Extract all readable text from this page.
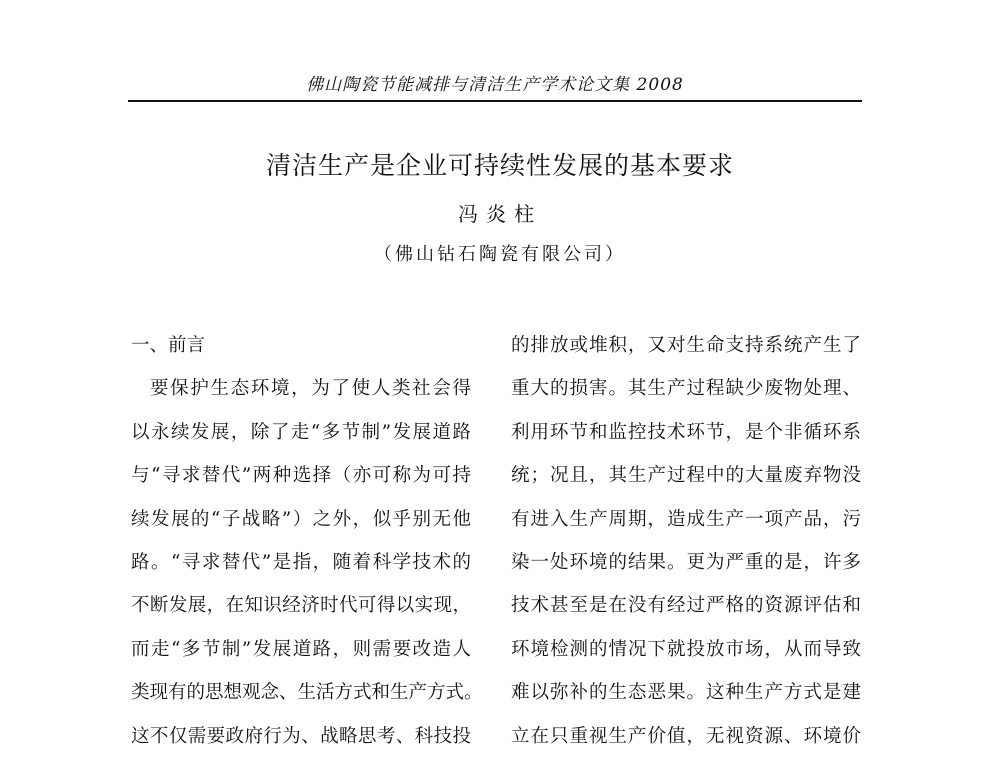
佛山陶瓷节能减排与清洁生产学术论文集 2008
清洁生产是企业可持续性发展的基本要求
冯炎柱
（佛山钻石陶瓷有限公司）
一、前言
要保护生态环境，为了使人类社会得
以永续发展，除了走“多节制”发展道路
与“寻求替代”两种选择（亦可称为可持
续发展的“子战略”）之外，似乎别无他
路。“寻求替代”是指，随着科学技术的
不断发展，在知识经济时代可得以实现，
而走“多节制”发展道路，则需要改造人
类现有的思想观念、生活方式和生产方式。
这不仅需要政府行为、战略思考、科技投
的排放或堆积，又对生命支持系统产生了
重大的损害。其生产过程缺少废物处理、
利用环节和监控技术环节，是个非循环系
统；况且，其生产过程中的大量废弃物没
有进入生产周期，造成生产一项产品，污
染一处环境的结果。更为严重的是，许多
技术甚至是在没有经过严格的资源评估和
环境检测的情况下就投放市场，从而导致
难以弥补的生态恶果。这种生产方式是建
立在只重视生产价值，无视资源、环境价
